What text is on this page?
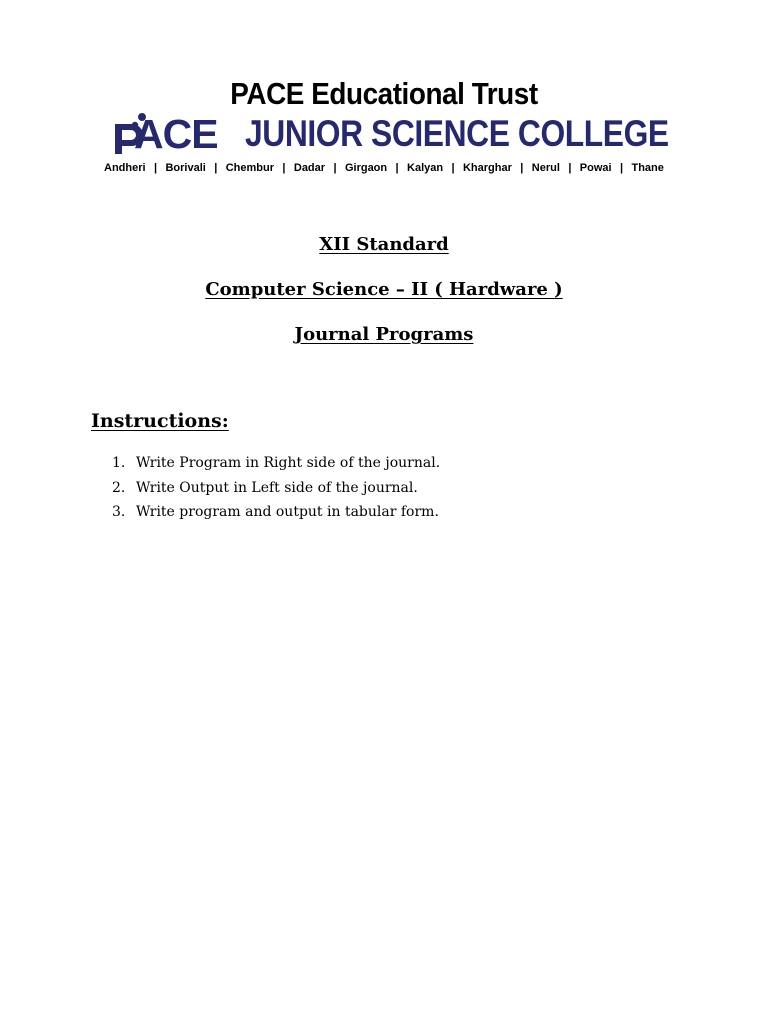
PACE Educational Trust
ACE JUNIOR SCIENCE COLLEGE
Andheri | Borivali | Chembur | Dadar | Girgaon | Kalyan | Kharghar | Nerul | Powai | Thane
XII Standard
Computer Science – II ( Hardware )
Journal Programs
Instructions:
1. Write Program in Right side of the journal.
2. Write Output in Left side of the journal.
3. Write program and output in tabular form.
